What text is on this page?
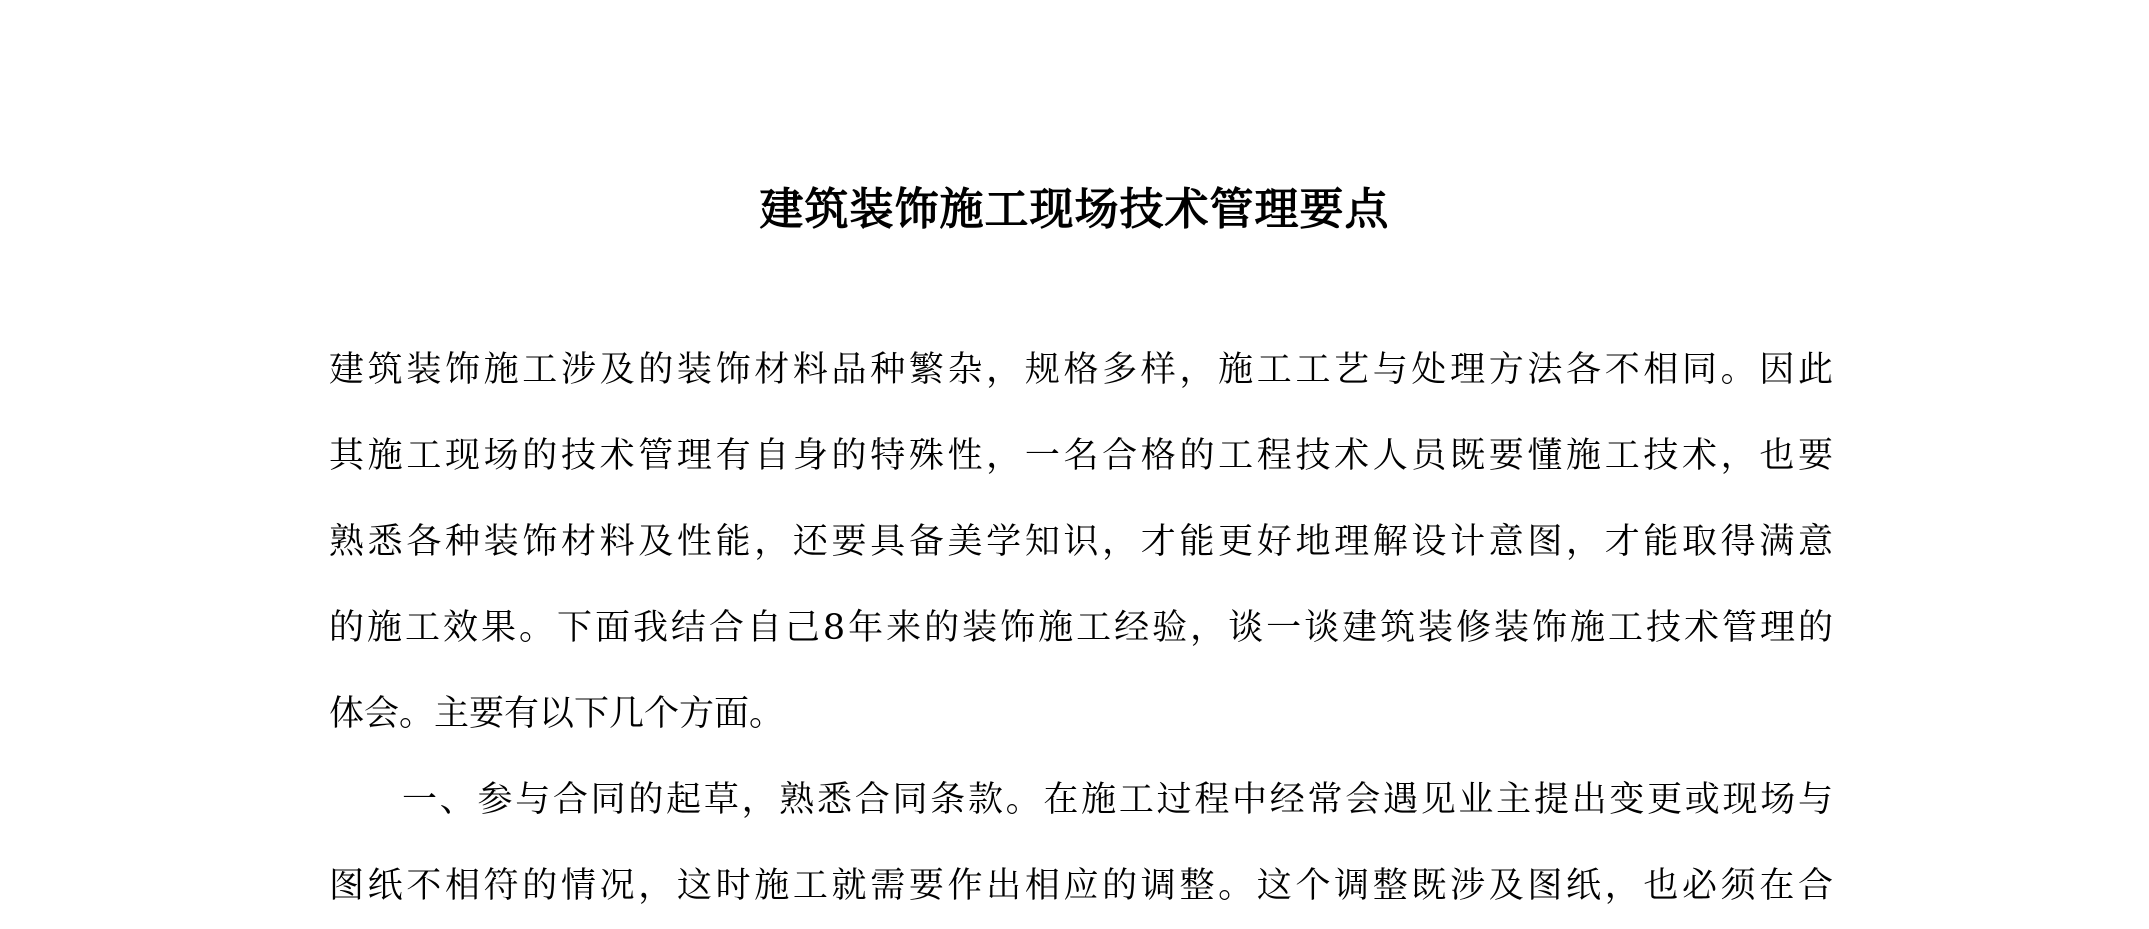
建筑装饰施工现场技术管理要点
建筑装饰施工涉及的装饰材料品种繁杂，规格多样，施工工艺与处理方法各不相同。因此
其施工现场的技术管理有自身的特殊性，一名合格的工程技术人员既要懂施工技术，也要
熟悉各种装饰材料及性能，还要具备美学知识，才能更好地理解设计意图，才能取得满意
的施工效果。下面我结合自己8年来的装饰施工经验，谈一谈建筑装修装饰施工技术管理的
体会。主要有以下几个方面。
一、参与合同的起草，熟悉合同条款。在施工过程中经常会遇见业主提出变更或现场与
图纸不相符的情况，这时施工就需要作出相应的调整。这个调整既涉及图纸，也必须在合
